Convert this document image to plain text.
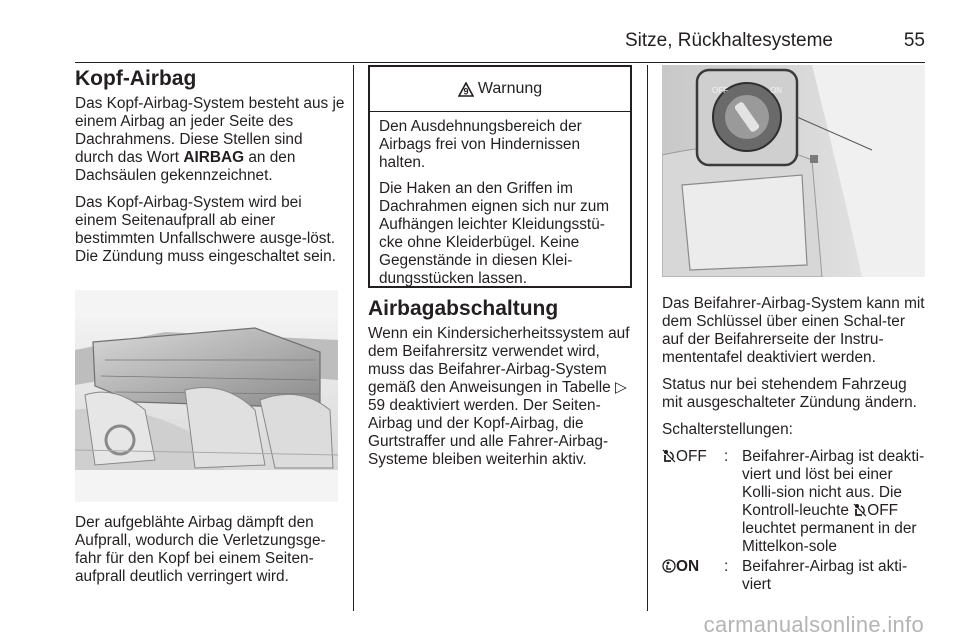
Sitze, Rückhaltesysteme	55
Kopf-Airbag

Das Kopf-Airbag-System besteht aus je einem Airbag an jeder Seite des Dachrahmens. Diese Stellen sind durch das Wort AIRBAG an den Dachsäulen gekennzeichnet.

Das Kopf-Airbag-System wird bei einem Seitenaufprall ab einer bestimmten Unfallschwere ausge-löst. Die Zündung muss eingeschaltet sein.

Der aufgeblähte Airbag dämpft den Aufprall, wodurch die Verletzungsge-fahr für den Kopf bei einem Seiten-aufprall deutlich verringert wird.

9 Warnung

Den Ausdehnungsbereich der Airbags frei von Hindernissen halten.

Die Haken an den Griffen im Dachrahmen eignen sich nur zum Aufhängen leichter Kleidungsstü-cke ohne Kleiderbügel. Keine Gegenstände in diesen Klei-dungsstücken lassen.

Airbagabschaltung

Wenn ein Kindersicherheitssystem auf dem Beifahrersitz verwendet wird, muss das Beifahrer-Airbag-System gemäß den Anweisungen in Tabelle ▷ 59 deaktiviert werden. Der Seiten-Airbag und der Kopf-Airbag, die Gurtstraffer und alle Fahrer-Airbag-Systeme bleiben weiterhin aktiv.

OFF	ON

Das Beifahrer-Airbag-System kann mit dem Schlüssel über einen Schal-ter auf der Beifahrerseite der Instru-mententafel deaktiviert werden.

Status nur bei stehendem Fahrzeug mit ausgeschalteter Zündung ändern.

Schalterstellungen:

OFF	: Beifahrer-Airbag ist deakti-viert und löst bei einer Kolli-sion nicht aus. Die Kontroll-leuchte OFF leuchtet permanent in der Mittelkon-sole
ON	: Beifahrer-Airbag ist akti-viert
carmanualsonline.info
